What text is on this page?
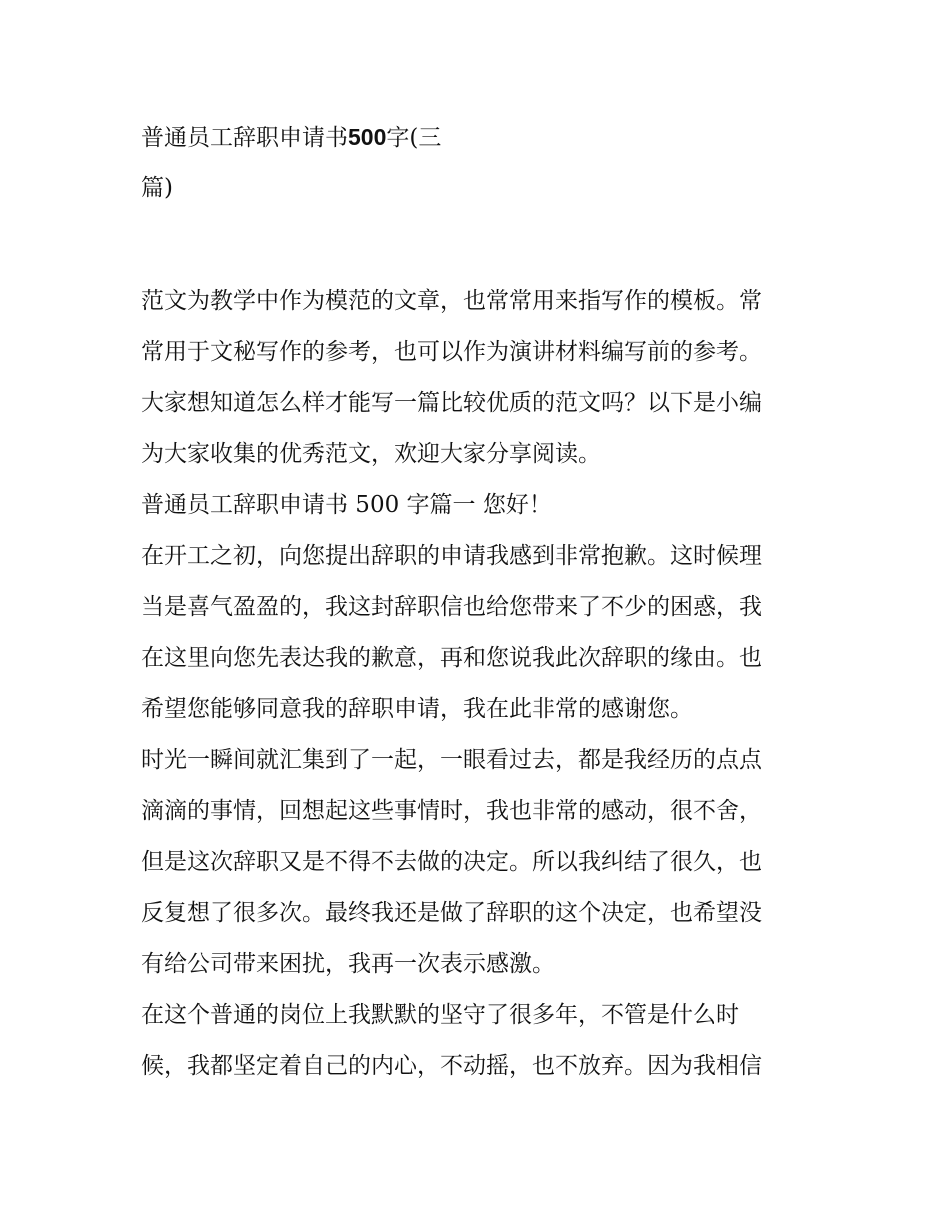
普通员工辞职申请书500字(三
篇)
范文为教学中作为模范的文章，也常常用来指写作的模板。常
常用于文秘写作的参考，也可以作为演讲材料编写前的参考。
大家想知道怎么样才能写一篇比较优质的范文吗？以下是小编
为大家收集的优秀范文，欢迎大家分享阅读。
普通员工辞职申请书 500 字篇一 您好！
在开工之初，向您提出辞职的申请我感到非常抱歉。这时候理
当是喜气盈盈的，我这封辞职信也给您带来了不少的困惑，我
在这里向您先表达我的歉意，再和您说我此次辞职的缘由。也
希望您能够同意我的辞职申请，我在此非常的感谢您。
时光一瞬间就汇集到了一起，一眼看过去，都是我经历的点点
滴滴的事情，回想起这些事情时，我也非常的感动，很不舍，
但是这次辞职又是不得不去做的决定。所以我纠结了很久，也
反复想了很多次。最终我还是做了辞职的这个决定，也希望没
有给公司带来困扰，我再一次表示感激。
在这个普通的岗位上我默默的坚守了很多年，不管是什么时
候，我都坚定着自己的内心，不动摇，也不放弃。因为我相信
